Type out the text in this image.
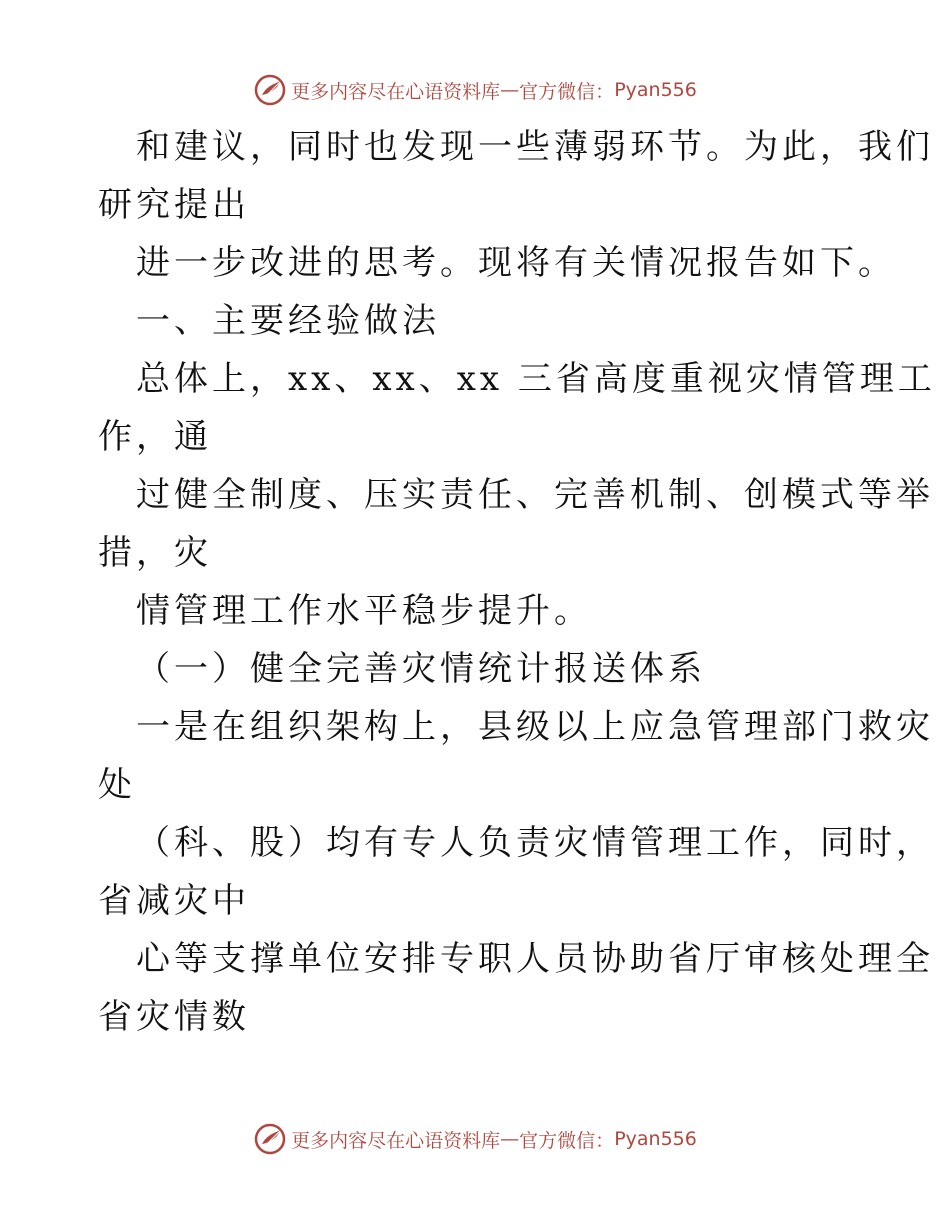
更多内容尽在心语资料库 — 官方微信： Pyan556
和建议，同时也发现一些薄弱环节。为此，我们
研究提出
进一步改进的思考。现将有关情况报告如下。
一、主要经验做法
总体上，xx、xx、xx 三省高度重视灾情管理工
作，通
过健全制度、压实责任、完善机制、创模式等举
措，灾
情管理工作水平稳步提升。
（一）健全完善灾情统计报送体系
一是在组织架构上，县级以上应急管理部门救灾
处
（科、股）均有专人负责灾情管理工作，同时，
省减灾中
心等支撑单位安排专职人员协助省厅审核处理全
省灾情数
更多内容尽在心语资料库 — 官方微信： Pyan556
